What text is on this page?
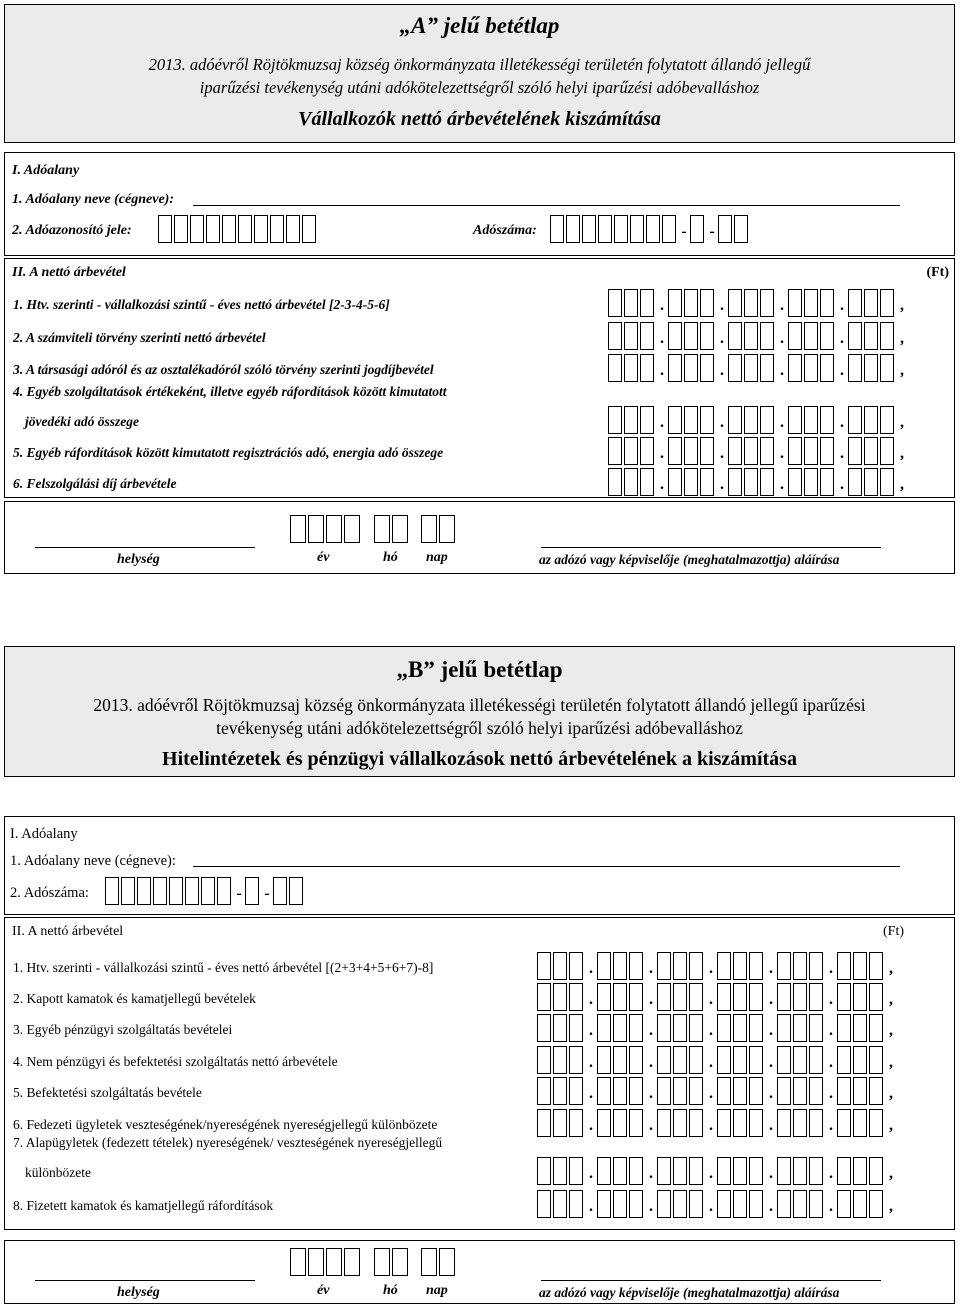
„A” jelű betétlap
2013. adóévről Röjtökmuzsaj község önkormányzata illetékességi területén folytatott állandó jellegű
iparűzési tevékenység utáni adókötelezettségről szóló helyi iparűzési adóbevalláshoz
Vállalkozók nettó árbevételének kiszámítása
I. Adóalany
1. Adóalany neve (cégneve):
2. Adóazonosító jele:	Adószáma:	- -
II. A nettó árbevétel	(Ft)
1. Htv. szerinti - vállalkozási szintű - éves nettó árbevétel [2-3-4-5-6]	.	.	.	.	,
2. A számviteli törvény szerinti nettó árbevétel	.	.	.	.	,
3. A társasági adóról és az osztalékadóról szóló törvény szerinti jogdíjbevétel	.	.	.	.	,
4. Egyéb szolgáltatások értékeként, illetve egyéb ráfordítások között kimutatott
jövedéki adó összege	.	.	.	.	,
5. Egyéb ráfordítások között kimutatott regisztrációs adó, energia adó összege	.	.	.	.	,
6. Felszolgálási díj árbevétele	.	.	.	.	,
helység	év	hó nap	az adózó vagy képviselője (meghatalmazottja) aláírása
„B” jelű betétlap
2013. adóévről Röjtökmuzsaj község önkormányzata illetékességi területén folytatott állandó jellegű iparűzési
tevékenység utáni adókötelezettségről szóló helyi iparűzési adóbevalláshoz
Hitelintézetek és pénzügyi vállalkozások nettó árbevételének a kiszámítása
I. Adóalany
1. Adóalany neve (cégneve):
2. Adószáma:	- -
II. A nettó árbevétel	(Ft)
1. Htv. szerinti - vállalkozási szintű - éves nettó árbevétel [(2+3+4+5+6+7)-8]	.	.	.	.	.	,
2. Kapott kamatok és kamatjellegű bevételek	.	.	.	.	.	,
3. Egyéb pénzügyi szolgáltatás bevételei	.	.	.	.	.	,
4. Nem pénzügyi és befektetési szolgáltatás nettó árbevétele	.	.	.	.	.	,
5. Befektetési szolgáltatás bevétele	.	.	.	.	.	,
6. Fedezeti ügyletek veszteségének/nyereségének nyereségjellegű különbözete	.	.	.	.	.	,
7. Alapügyletek (fedezett tételek) nyereségének/ veszteségének nyereségjellegű
különbözete	.	.	.	.	.	,
8. Fizetett kamatok és kamatjellegű ráfordítások	.	.	.	.	.	,
helység	év	hó nap	az adózó vagy képviselője (meghatalmazottja) aláírása
